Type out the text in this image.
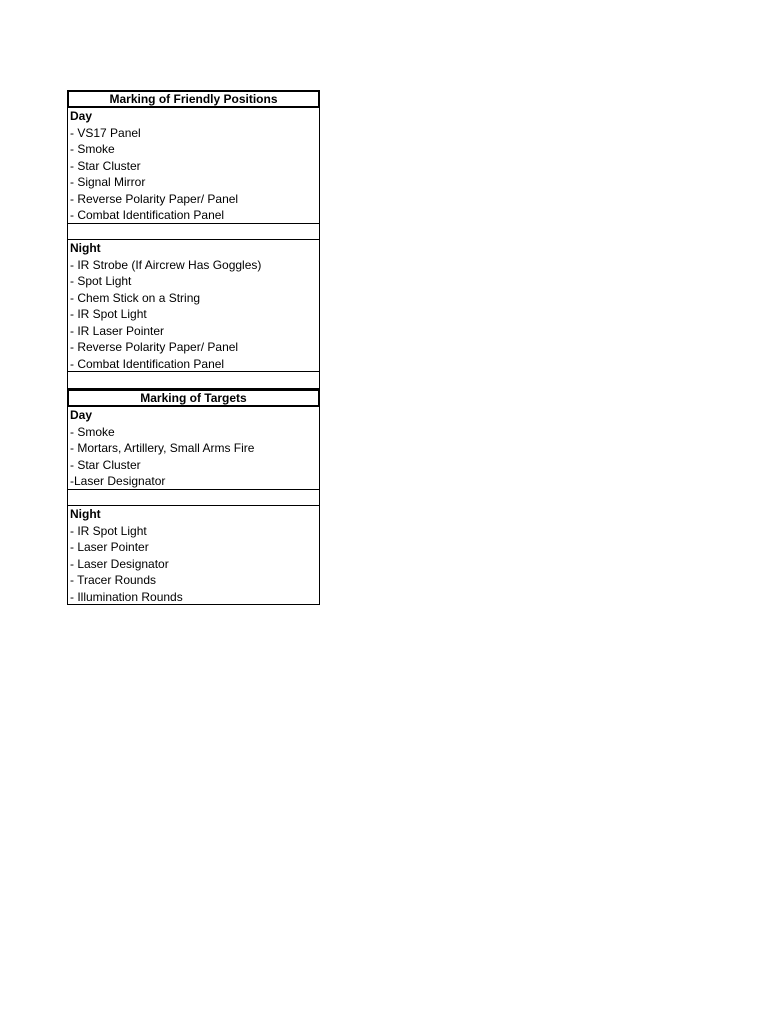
Marking of Friendly Positions
Day
- VS17 Panel
- Smoke
- Star Cluster
- Signal Mirror
- Reverse Polarity Paper/ Panel
- Combat Identification Panel
Night
- IR Strobe (If Aircrew Has Goggles)
- Spot Light
- Chem Stick on a String
- IR Spot Light
- IR Laser Pointer
- Reverse Polarity Paper/ Panel
- Combat Identification Panel
Marking of Targets
Day
- Smoke
- Mortars, Artillery, Small Arms Fire
- Star Cluster
-Laser Designator
Night
- IR Spot Light
- Laser Pointer
- Laser Designator
- Tracer Rounds
- Illumination Rounds
